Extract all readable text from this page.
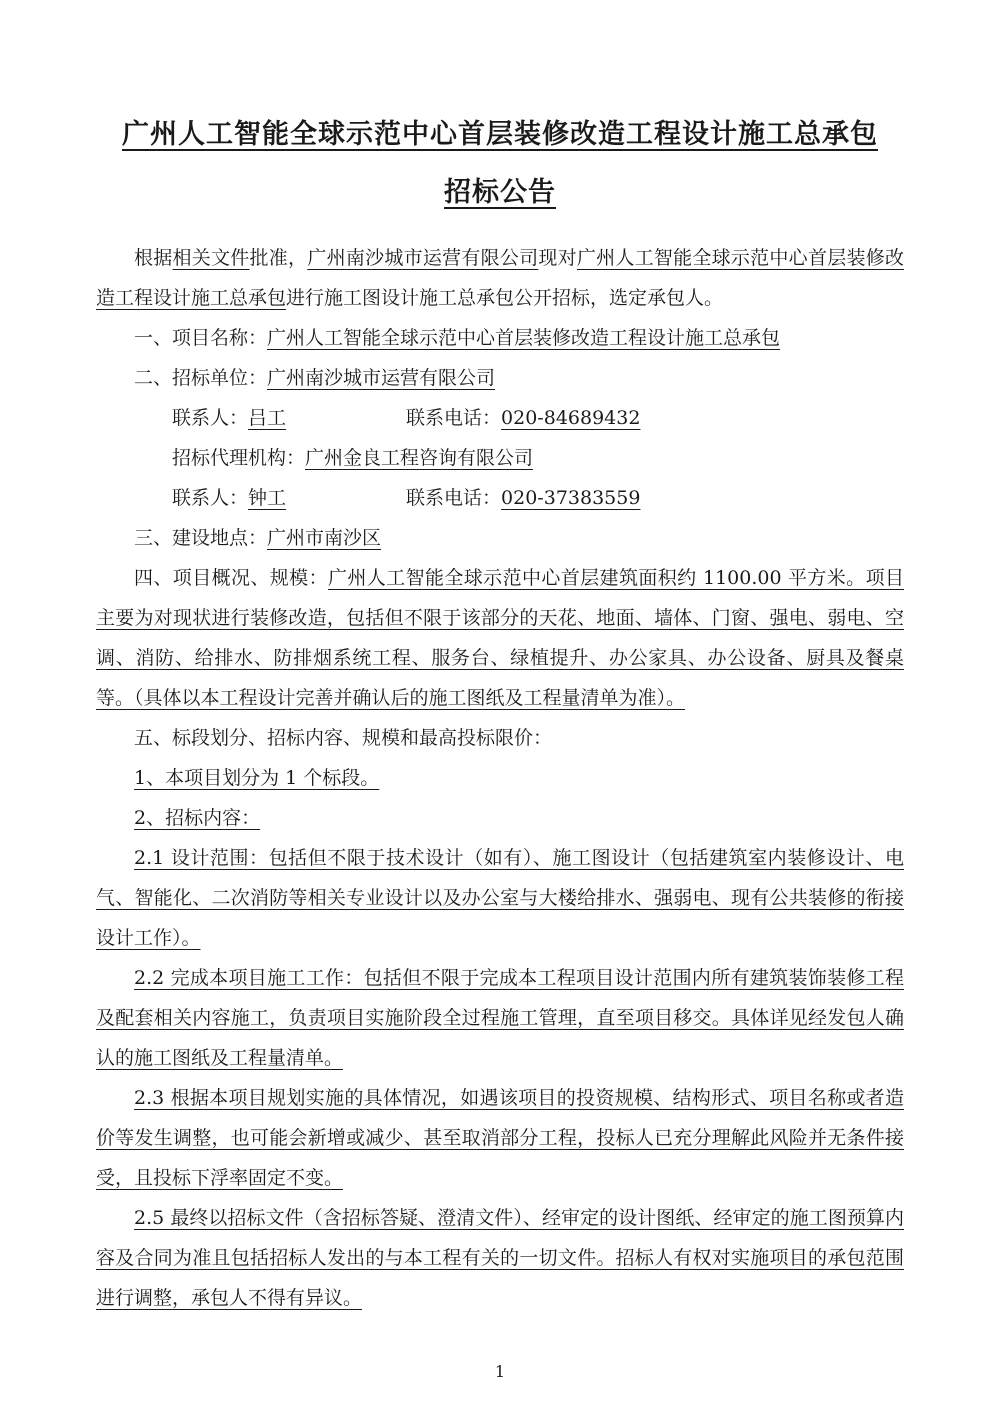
广州人工智能全球示范中心首层装修改造工程设计施工总承包
招标公告

根据相关文件批准，广州南沙城市运营有限公司现对广州人工智能全球示范中心首层装修改造工程设计施工总承包进行施工图设计施工总承包公开招标，选定承包人。

一、项目名称：广州人工智能全球示范中心首层装修改造工程设计施工总承包

二、招标单位：广州南沙城市运营有限公司

联系人：吕工	联系电话：020-84689432

招标代理机构：广州金良工程咨询有限公司

联系人：钟工	联系电话：020-37383559

三、建设地点：广州市南沙区

四、项目概况、规模：广州人工智能全球示范中心首层建筑面积约 1100.00 平方米。项目主要为对现状进行装修改造，包括但不限于该部分的天花、地面、墙体、门窗、强电、弱电、空调、消防、给排水、防排烟系统工程、服务台、绿植提升、办公家具、办公设备、厨具及餐桌等。（具体以本工程设计完善并确认后的施工图纸及工程量清单为准）。

五、标段划分、招标内容、规模和最高投标限价：

1、本项目划分为 1 个标段。

2、招标内容：

2.1 设计范围：包括但不限于技术设计（如有）、施工图设计（包括建筑室内装修设计、电气、智能化、二次消防等相关专业设计以及办公室与大楼给排水、强弱电、现有公共装修的衔接设计工作）。

2.2 完成本项目施工工作：包括但不限于完成本工程项目设计范围内所有建筑装饰装修工程及配套相关内容施工，负责项目实施阶段全过程施工管理，直至项目移交。具体详见经发包人确认的施工图纸及工程量清单。

2.3 根据本项目规划实施的具体情况，如遇该项目的投资规模、结构形式、项目名称或者造价等发生调整，也可能会新增或减少、甚至取消部分工程，投标人已充分理解此风险并无条件接受，且投标下浮率固定不变。

2.5 最终以招标文件（含招标答疑、澄清文件）、经审定的设计图纸、经审定的施工图预算内容及合同为准且包括招标人发出的与本工程有关的一切文件。招标人有权对实施项目的承包范围进行调整，承包人不得有异议。

1
